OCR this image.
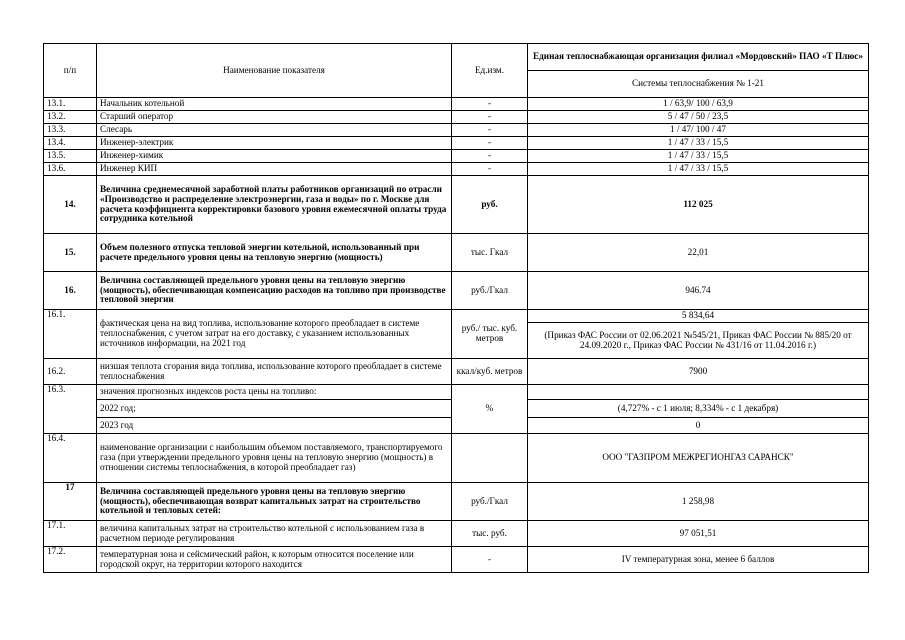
п/п	Наименование показателя	Ед.изм.	Единая теплоснабжающая организация филиал «Мордовский» ПАО «Т Плюс»
			Системы теплоснабжения № 1-21
13.1.	Начальник котельной	-	1 / 63,9/ 100 / 63,9
13.2.	Старший оператор	-	5 / 47 / 50 / 23,5
13.3.	Слесарь	-	1 / 47/ 100 / 47
13.4.	Инженер-электрик	-	1 / 47 / 33 / 15,5
13.5.	Инженер-химик	-	1 / 47 / 33 / 15,5
13.6.	Инженер КИП	-	1 / 47 / 33 / 15,5
14.	Величина среднемесячной заработной платы работников организаций по отрасли «Производство и распределение электроэнергии, газа и воды» по г. Москве для расчета коэффициента корректировки базового уровня ежемесячной оплаты труда сотрудника котельной	руб.	112 025
15.	Объем полезного отпуска тепловой энергии котельной, использованный при расчете предельного уровня цены на тепловую энергию (мощность)	тыс. Гкал	22,01
16.	Величина составляющей предельного уровня цены на тепловую энергию (мощность), обеспечивающая компенсацию расходов на топливо при производстве тепловой энергии	руб./Гкал	946.74
16.1.	фактическая цена на вид топлива, использование которого преобладает в системе теплоснабжения, с учетом затрат на его доставку, с указанием использованных источников информации, на 2021 год	руб./ тыс. куб. метров	5 834,64
			(Приказ ФАС России от 02.06.2021 №545/21, Приказ ФАС России № 885/20 от 24.09.2020 г., Приказ ФАС России № 431/16 от 11.04.2016 г.)
16.2.	низшая теплота сгорания вида топлива, использование которого преобладает в системе теплоснабжения	ккал/куб. метров	7900
16.3.	значения прогнозных индексов роста цены на топливо:	%	
	2022 год;		(4,727% - с 1 июля; 8,334% - с 1 декабря)
	2023 год		0
16.4.	наименование организации с наибольшим объемом поставляемого, транспортируемого газа (при утверждении предельного уровня цены на тепловую энергию (мощность) в отношении системы теплоснабжения, в которой преобладает газ)		ООО "ГАЗПРОМ МЕЖРЕГИОНГАЗ САРАНСК"
17	Величина составляющей предельного уровня цены на тепловую энергию (мощность), обеспечивающая возврат капитальных затрат на строительство котельной и тепловых сетей:	руб./Гкал	1 258,98
17.1.	величина капитальных затрат на строительство котельной с использованием газа в расчетном периоде регулирования	тыс. руб.	97 051,51
17.2.	температурная зона и сейсмический район, к которым относится поселение или городской округ, на территории которого находится	-	IV температурная зона, менее 6 баллов
